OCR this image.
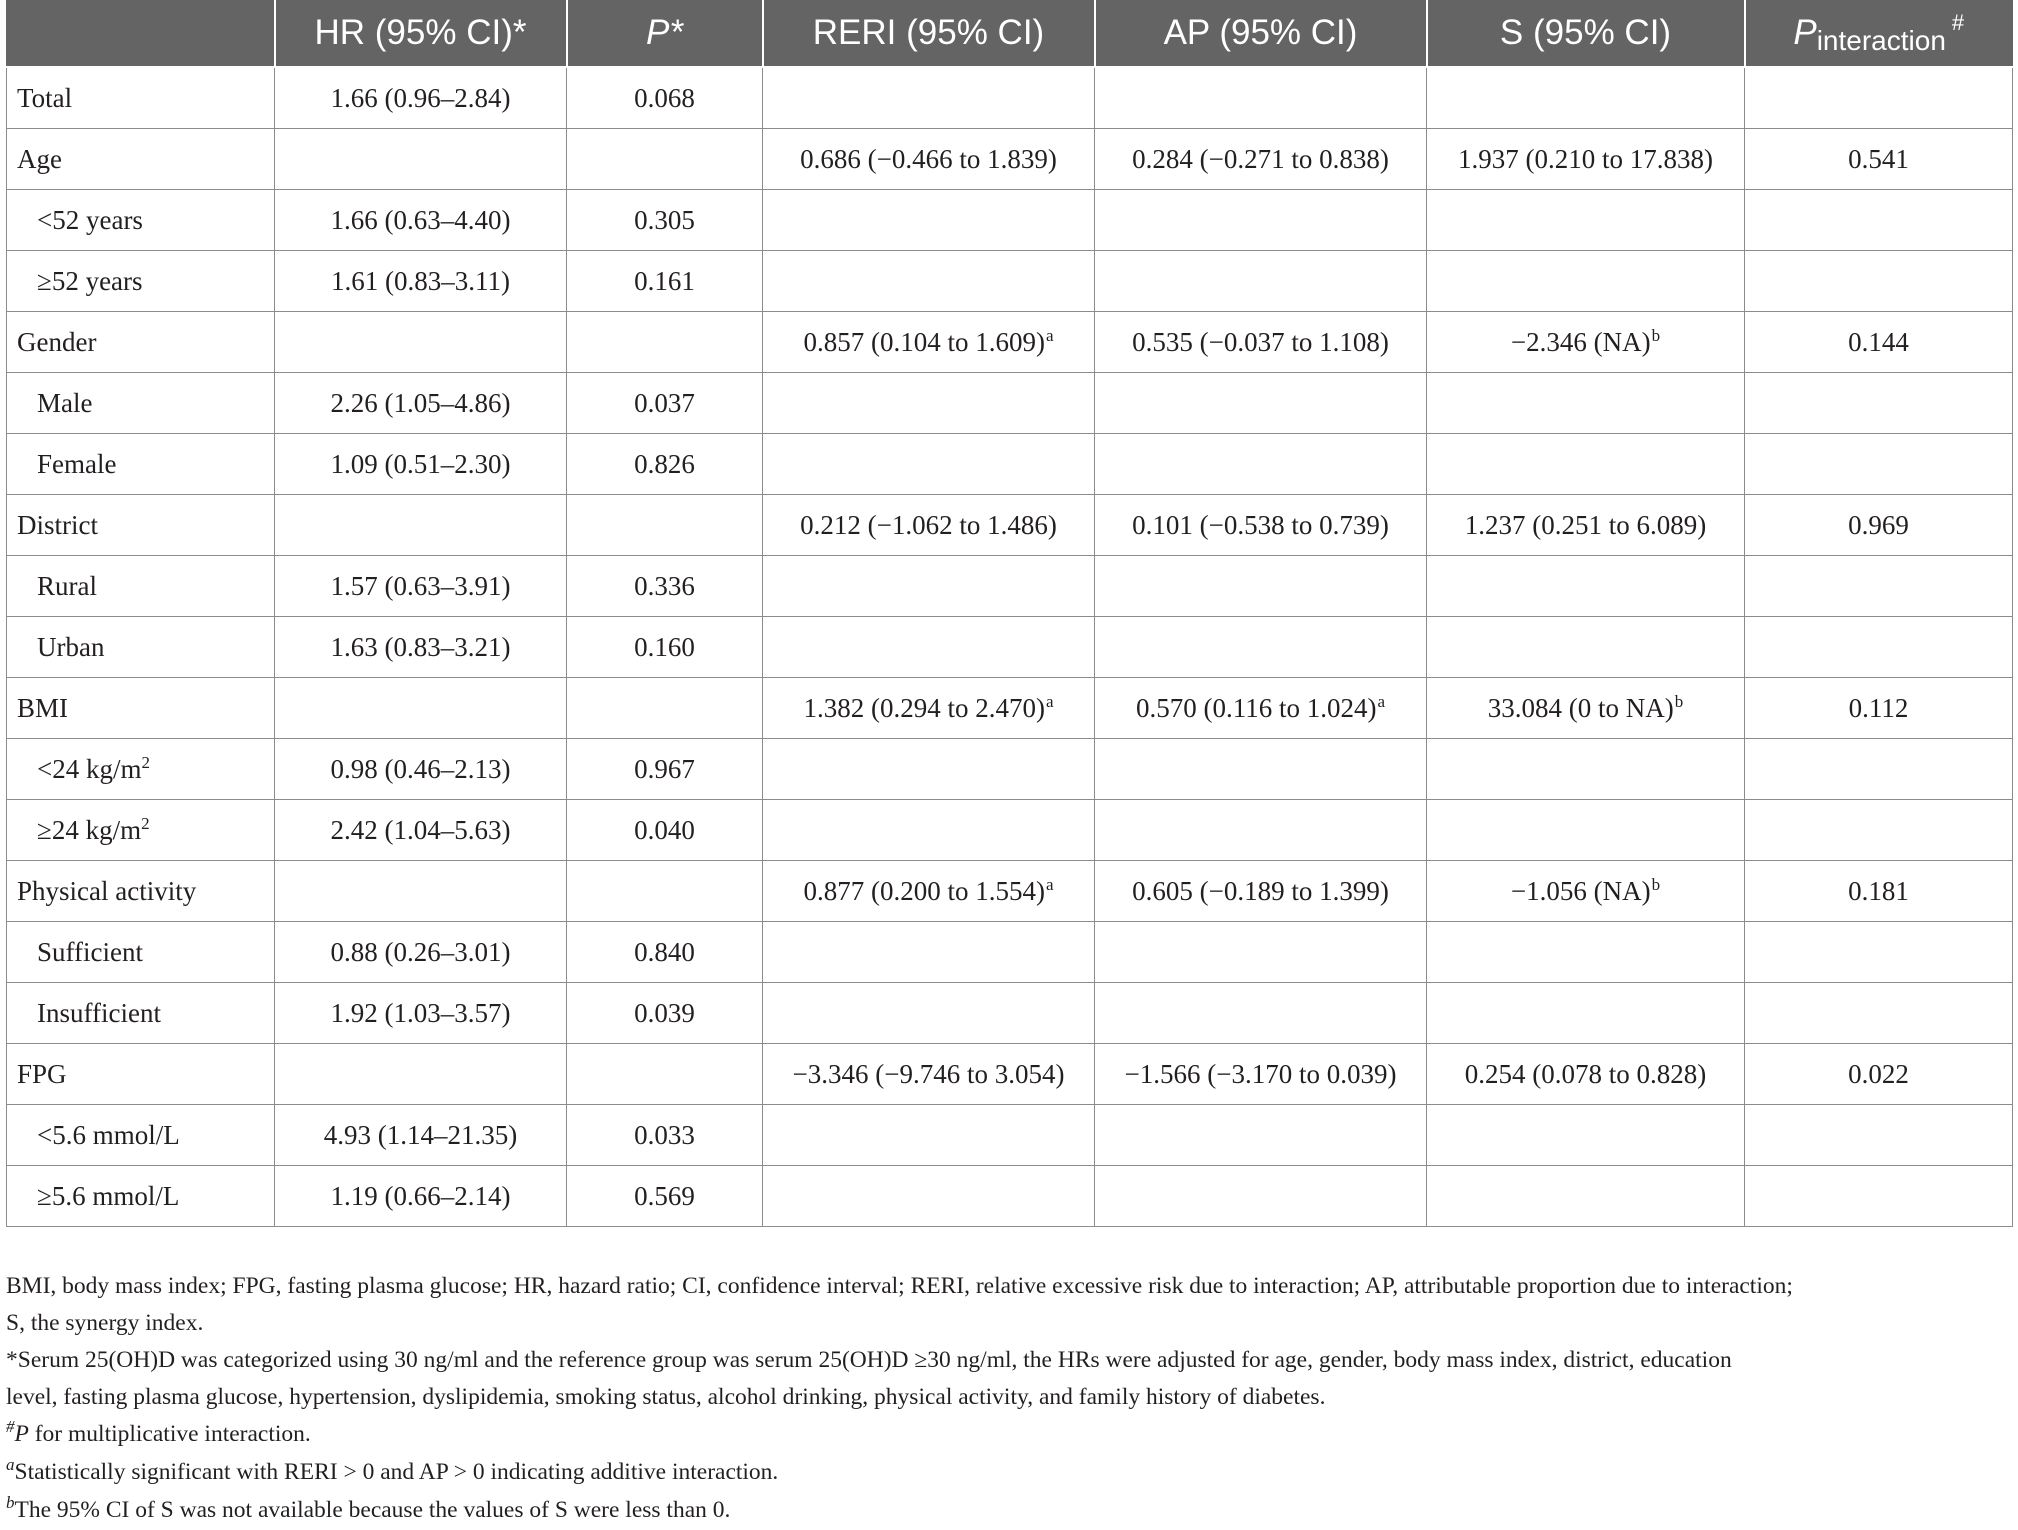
	HR (95% CI)*	P*	RERI (95% CI)	AP (95% CI)	S (95% CI)	Pinteraction#
Total	1.66 (0.96–2.84)	0.068				
Age			0.686 (−0.466 to 1.839)	0.284 (−0.271 to 0.838)	1.937 (0.210 to 17.838)	0.541
<52 years	1.66 (0.63–4.40)	0.305				
≥52 years	1.61 (0.83–3.11)	0.161				
Gender			0.857 (0.104 to 1.609)$^a$	0.535 (−0.037 to 1.108)	−2.346 (NA)$^b$	0.144
Male	2.26 (1.05–4.86)	0.037				
Female	1.09 (0.51–2.30)	0.826				
District			0.212 (−1.062 to 1.486)	0.101 (−0.538 to 0.739)	1.237 (0.251 to 6.089)	0.969
Rural	1.57 (0.63–3.91)	0.336				
Urban	1.63 (0.83–3.21)	0.160				
BMI			1.382 (0.294 to 2.470)$^a$	0.570 (0.116 to 1.024)$^a$	33.084 (0 to NA)$^b$	0.112
<24 $kg/m^2$	0.98 (0.46–2.13)	0.967				
≥24 $kg/m^2$	2.42 (1.04–5.63)	0.040				
Physical activity			0.877 (0.200 to 1.554)$^a$	0.605 (−0.189 to 1.399)	−1.056 (NA)$^b$	0.181
Sufficient	0.88 (0.26–3.01)	0.840				
Insufficient	1.92 (1.03–3.57)	0.039				
FPG			−3.346 (−9.746 to 3.054)	−1.566 (−3.170 to 0.039)	0.254 (0.078 to 0.828)	0.022
<5.6 mmol/L	4.93 (1.14–21.35)	0.033				
≥5.6 mmol/L	1.19 (0.66–2.14)	0.569				

BMI, body mass index; FPG, fasting plasma glucose; HR, hazard ratio; CI, confidence interval; RERI, relative excessive risk due to interaction; AP, attributable proportion due to interaction;

S, the synergy index.

*Serum 25(OH)D was categorized using 30 ng/ml and the reference group was serum 25(OH)D ≥30 ng/ml, the HRs were adjusted for age, gender, body mass index, district, education

level, fasting plasma glucose, hypertension, dyslipidemia, smoking status, alcohol drinking, physical activity, and family history of diabetes.

#P for multiplicative interaction.

$^a$Statistically significant with RERI > 0 and AP > 0 indicating additive interaction.

$^b$The 95% CI of S was not available because the values of S were less than 0.
